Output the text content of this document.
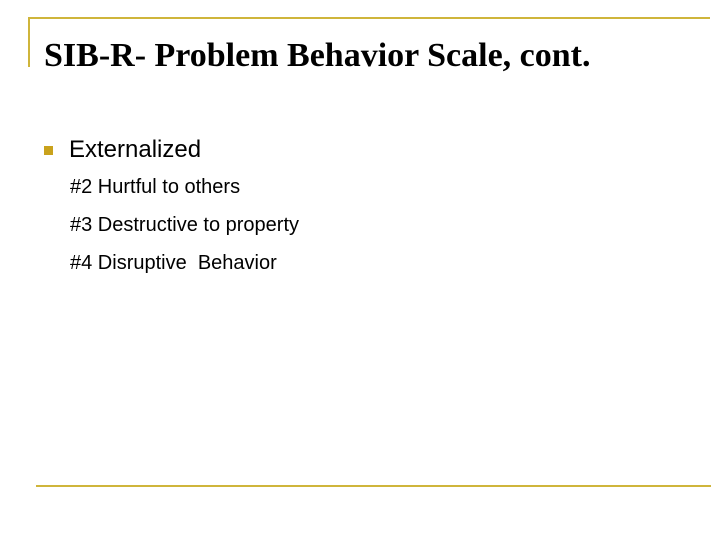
SIB-R- Problem Behavior Scale, cont.
Externalized
#2 Hurtful to others
#3 Destructive to property
#4 Disruptive  Behavior
